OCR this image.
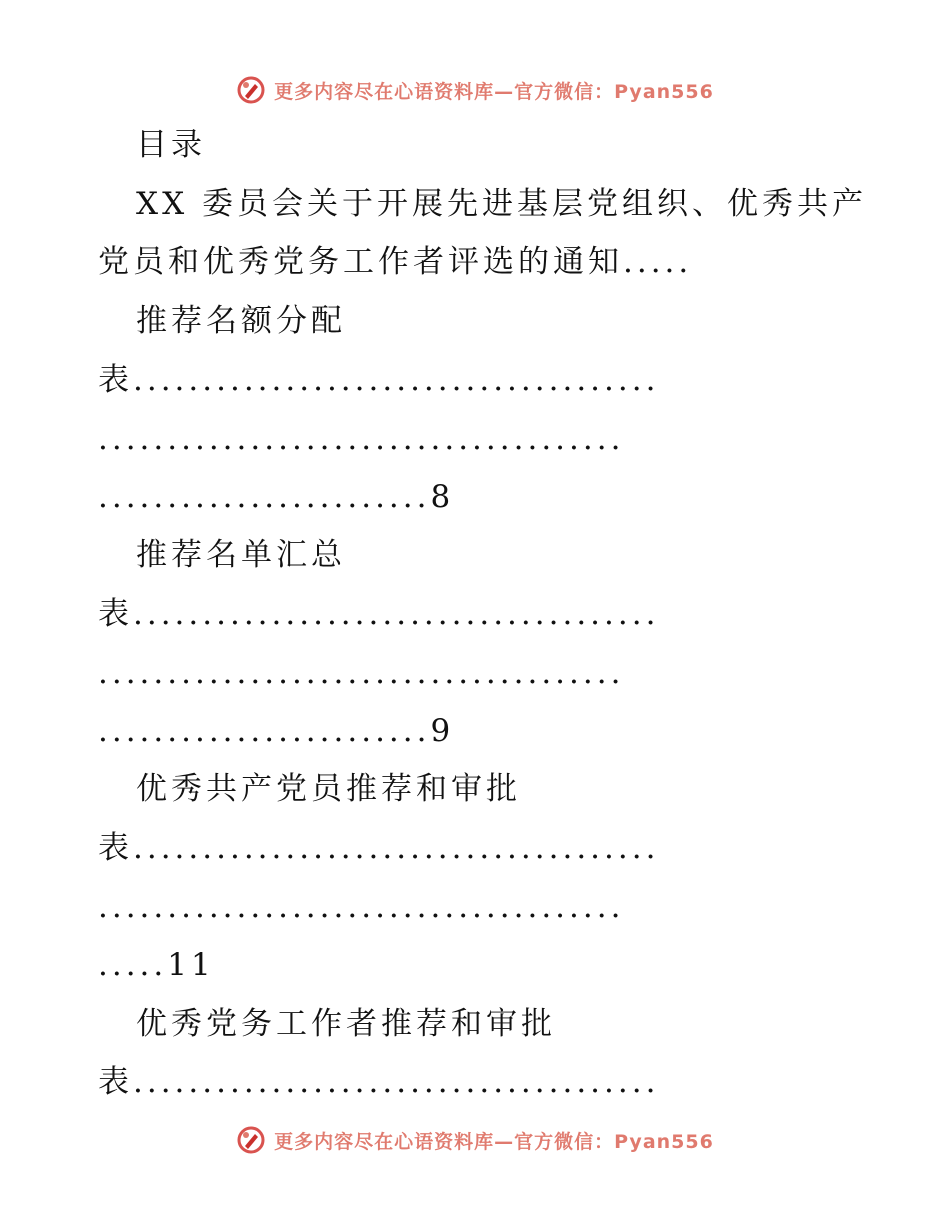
更多内容尽在心语资料库—官方微信：Pyan556
目录
XX 委员会关于开展先进基层党组织、优秀共产
党员和优秀党务工作者评选的通知.....
推荐名额分配
表......................................
......................................
........................8
推荐名单汇总
表......................................
......................................
........................9
优秀共产党员推荐和审批
表......................................
......................................
.....11
优秀党务工作者推荐和审批
表......................................
更多内容尽在心语资料库—官方微信：Pyan556
